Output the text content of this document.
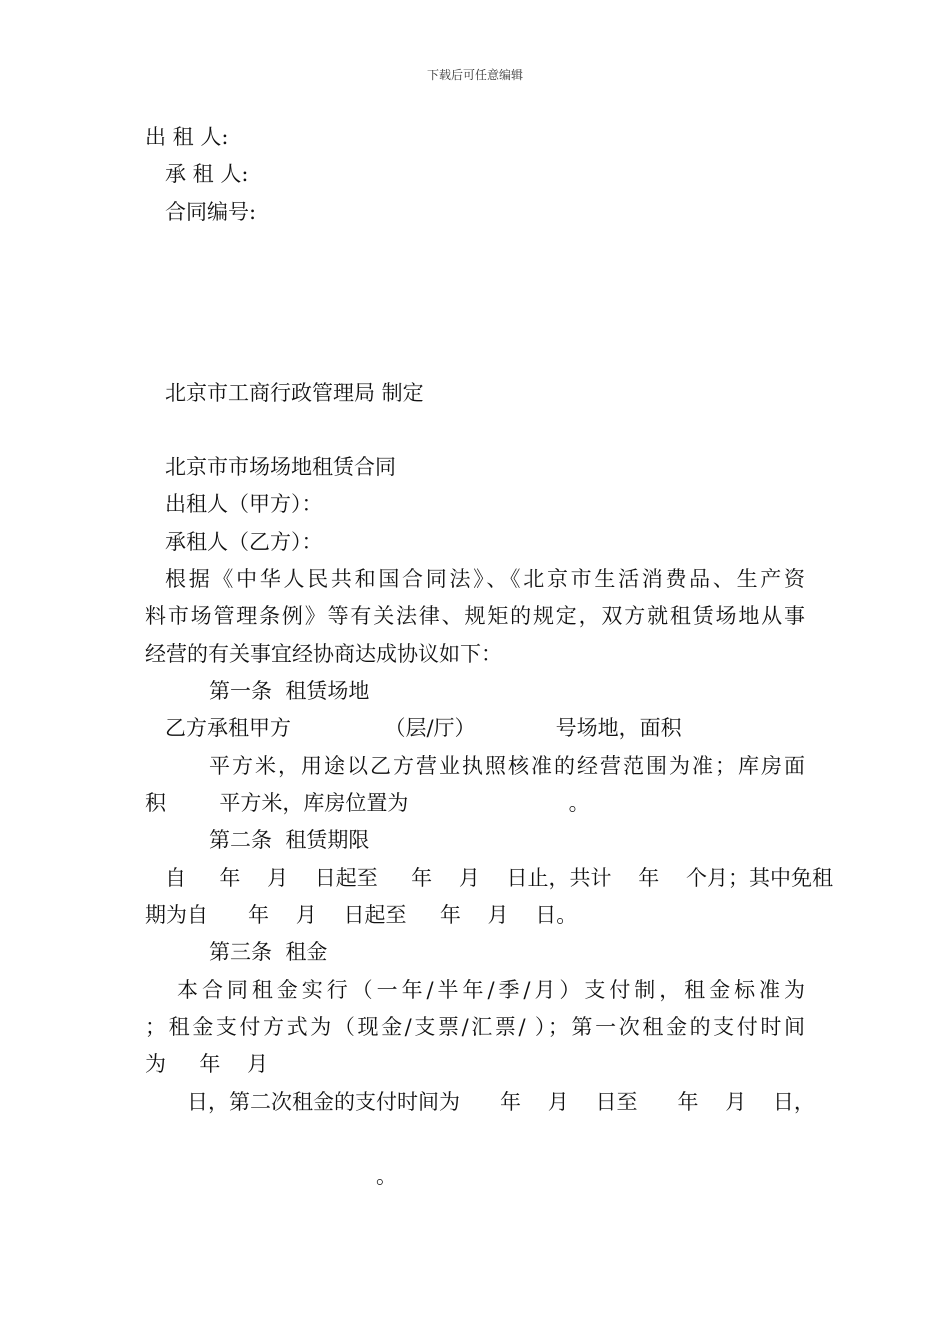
下载后可任意编辑
出 租 人:
承 租 人:
合同编号:
北京市工商行政管理局 制定
北京市市场场地租赁合同
出租人（甲方）：
承租人（乙方）：
根据《中华人民共和国合同法》、《北京市生活消费品、生产资
料市场管理条例》等有关法律、规矩的规定，双方就租赁场地从事
经营的有关事宜经协商达成协议如下：
第一条  租赁场地
乙方承租甲方              （层/厅）            号场地，面积
平方米，用途以乙方营业执照核准的经营范围为准；库房面
积        平方米，库房位置为                        。
第二条  租赁期限
自     年    月    日起至     年    月    日止，共计    年    个月；其中免租
期为自      年    月    日起至     年    月    日。
第三条  租金
本合同租金实行（一年/半年/季/月）支付制，租金标准为
；租金支付方式为（现金/支票/汇票/ ）；第一次租金的支付时间
为     年    月
日，第二次租金的支付时间为      年    月    日至      年    月    日，
。
